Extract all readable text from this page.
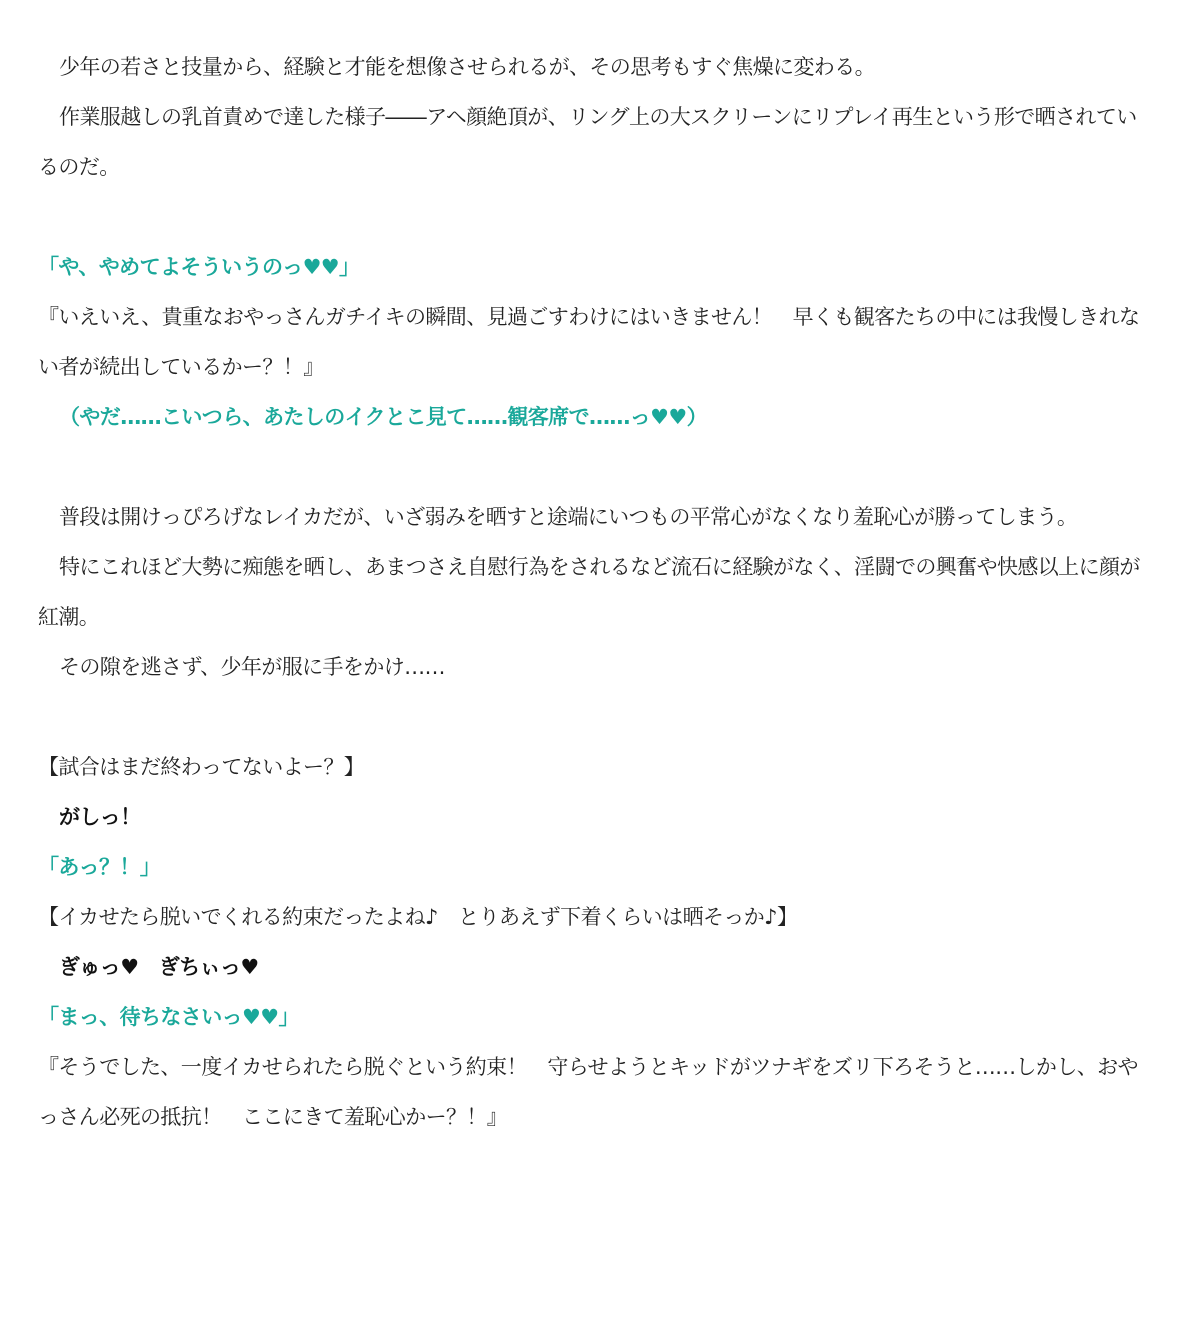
少年の若さと技量から、経験と才能を想像させられるが、その思考もすぐ焦燥に変わる。

作業服越しの乳首責めで達した様子――アヘ顔絶頂が、リング上の大スクリーンにリプレイ再生という形で晒されているのだ。

「や、やめてよそういうのっ♥♥」

『いえいえ、貴重なおやっさんガチイキの瞬間、見過ごすわけにはいきません！　早くも観客たちの中には我慢しきれない者が続出しているかー？！』

（やだ……こいつら、あたしのイクとこ見て……観客席で……っ♥♥）

普段は開けっぴろげなレイカだが、いざ弱みを晒すと途端にいつもの平常心がなくなり羞恥心が勝ってしまう。

特にこれほど大勢に痴態を晒し、あまつさえ自慰行為をされるなど流石に経験がなく、淫闘での興奮や快感以上に顔が紅潮。

その隙を逃さず、少年が服に手をかけ……

【試合はまだ終わってないよー？】

がしっ！

「あっ？！」

【イカせたら脱いでくれる約束だったよね♪　とりあえず下着くらいは晒そっか♪】

ぎゅっ♥　ぎちぃっ♥

「まっ、待ちなさいっ♥♥」

『そうでした、一度イカせられたら脱ぐという約束！　守らせようとキッドがツナギをズリ下ろそうと……しかし、おやっさん必死の抵抗！　ここにきて羞恥心かー？！』
